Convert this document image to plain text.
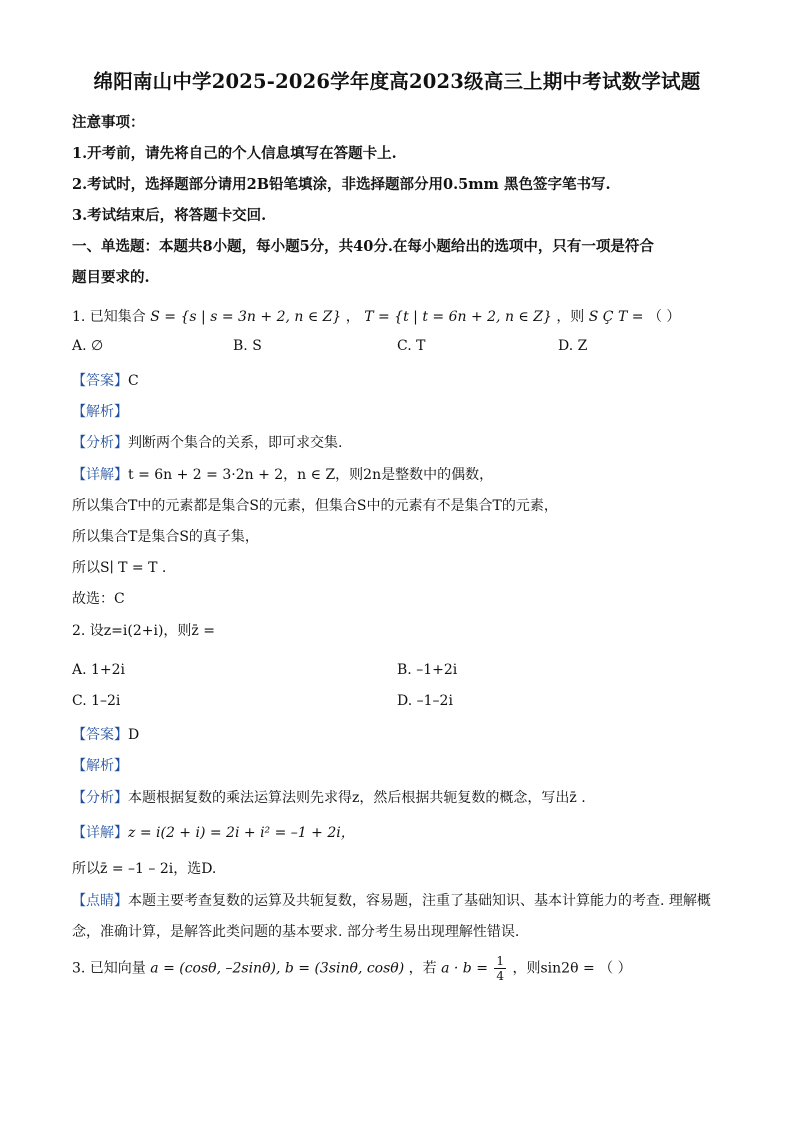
绵阳南山中学2025-2026学年度高2023级高三上期中考试数学试题
注意事项：
1.开考前，请先将自己的个人信息填写在答题卡上.
2.考试时，选择题部分请用2B铅笔填涂，非选择题部分用0.5mm 黑色签字笔书写.
3.考试结束后，将答题卡交回.
一、单选题：本题共8小题，每小题5分，共40分.在每小题给出的选项中，只有一项是符合
题目要求的.
1. 已知集合 S = {s | s = 3n + 2, n ∈ Z} ， T = {t | t = 6n + 2, n ∈ Z} ，则 S Ç T = （ ）
A. ∅	B. S	C. T	D. Z
【答案】C
【解析】
【分析】判断两个集合的关系，即可求交集.
【详解】t = 6n + 2 = 3·2n + 2，n ∈ Z，则2n是整数中的偶数，
所以集合T中的元素都是集合S的元素，但集合S中的元素有不是集合T的元素，
所以集合T是集合S的真子集，
所以S∣ T = T .
故选：C
2. 设z=i(2+i)，则z̄ =
A. 1+2i	B. –1+2i
C. 1–2i	D. –1–2i
【答案】D
【解析】
【分析】本题根据复数的乘法运算法则先求得z，然后根据共轭复数的概念，写出z̄ .
【详解】z = i(2 + i) = 2i + i² = –1 + 2i，
所以z̄ = –1 – 2i，选D.
【点睛】本题主要考查复数的运算及共轭复数，容易题，注重了基础知识、基本计算能力的考查. 理解概
念，准确计算，是解答此类问题的基本要求. 部分考生易出现理解性错误.
3. 已知向量 a = (cosθ, –2sinθ), b = (3sinθ, cosθ) ，若 $a \cdot b = \frac{1}{4}$ ，则sin2θ = （ ）
